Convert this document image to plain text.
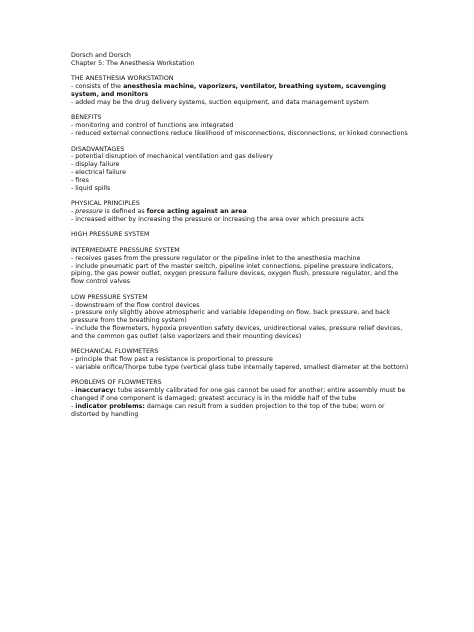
Dorsch and Dorsch
Chapter 5: The Anesthesia Workstation
THE ANESTHESIA WORKSTATION
- consists of the anesthesia machine, vaporizers, ventilator, breathing system, scavenging system, and monitors
- added may be the drug delivery systems, suction equipment, and data management system
BENEFITS
- monitoring and control of functions are integrated
- reduced external connections reduce likelihood of misconnections, disconnections, or kinked connections
DISADVANTAGES
- potential disruption of mechanical ventilation and gas delivery
- display failure
- electrical failure
- fires
- liquid spills
PHYSICAL PRINCIPLES
- pressure is defined as force acting against an area
- increased either by increasing the pressure or increasing the area over which pressure acts
HIGH PRESSURE SYSTEM
INTERMEDIATE PRESSURE SYSTEM
- receives gases from the pressure regulator or the pipeline inlet to the anesthesia machine
- include pneumatic part of the master switch, pipeline inlet connections, pipeline pressure indicators, piping, the gas power outlet, oxygen pressure failure devices, oxygen flush, pressure regulator, and the flow control valves
LOW PRESSURE SYSTEM
- downstream of the flow control devices
- pressure only slightly above atmospheric and variable (depending on flow, back pressure, and back pressure from the breathing system)
- include the flowmeters, hypoxia prevention safety devices, unidirectional vales, pressure relief devices, and the common gas outlet (also vaporizers and their mounting devices)
MECHANICAL FLOWMETERS
- principle that flow past a resistance is proportional to pressure
- variable orifice/Thorpe tube type (vertical glass tube internally tapered, smallest diameter at the bottom)
PROBLEMS OF FLOWMETERS
- inaccuracy: tube assembly calibrated for one gas cannot be used for another; entire assembly must be changed if one component is damaged; greatest accuracy is in the middle half of the tube
- indicator problems: damage can result from a sudden projection to the top of the tube; worn or distorted by handling
